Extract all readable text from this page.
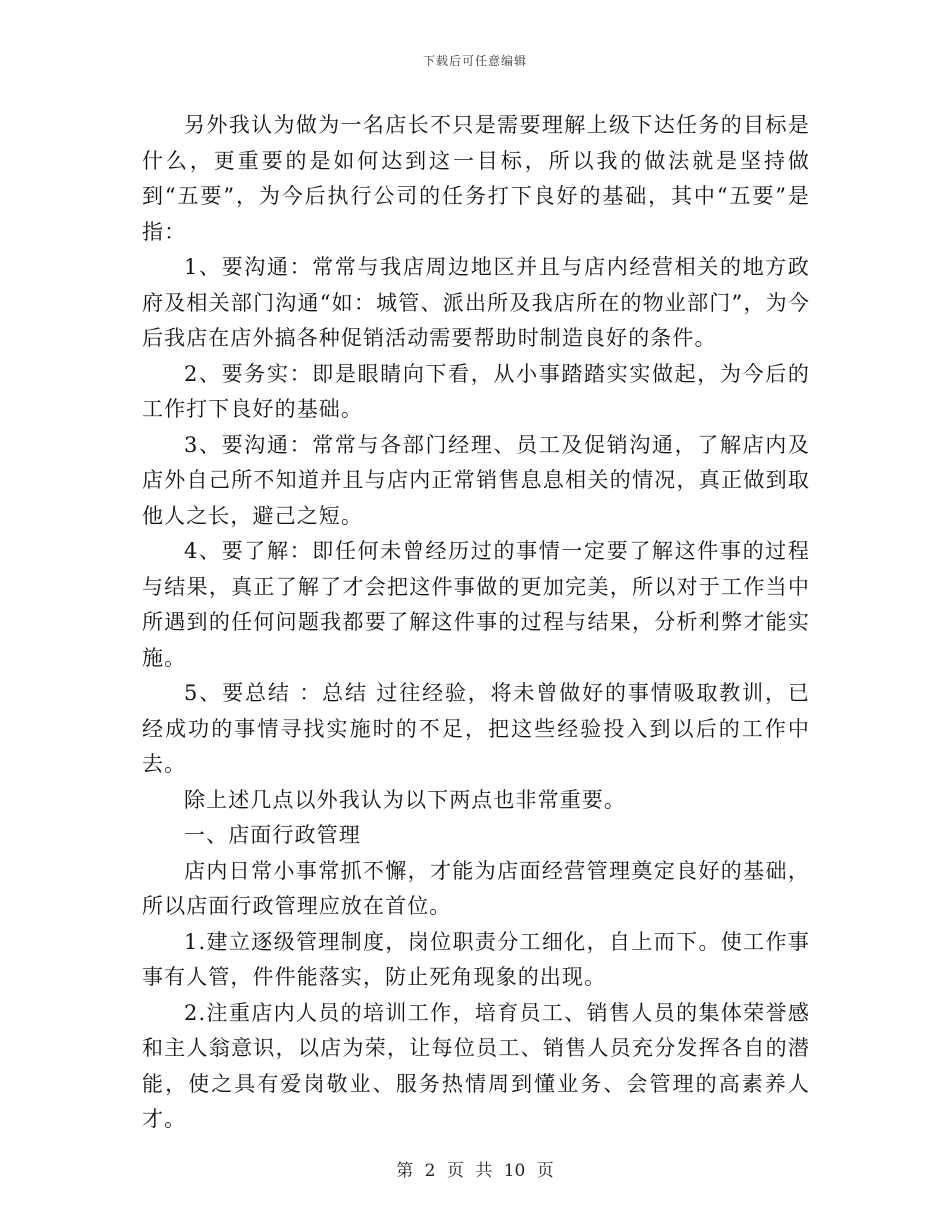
下载后可任意编辑

另外我认为做为一名店长不只是需要理解上级下达任务的目标是什么，更重要的是如何达到这一目标，所以我的做法就是坚持做到“五要”，为今后执行公司的任务打下良好的基础，其中“五要”是指：

1、要沟通：常常与我店周边地区并且与店内经营相关的地方政府及相关部门沟通“如：城管、派出所及我店所在的物业部门”，为今后我店在店外搞各种促销活动需要帮助时制造良好的条件。

2、要务实：即是眼睛向下看，从小事踏踏实实做起，为今后的工作打下良好的基础。

3、要沟通：常常与各部门经理、员工及促销沟通，了解店内及店外自己所不知道并且与店内正常销售息息相关的情况，真正做到取他人之长，避己之短。

4、要了解：即任何未曾经历过的事情一定要了解这件事的过程与结果，真正了解了才会把这件事做的更加完美，所以对于工作当中所遇到的任何问题我都要了解这件事的过程与结果，分析利弊才能实施。

5、要总结 ：总结 过往经验，将未曾做好的事情吸取教训，已经成功的事情寻找实施时的不足，把这些经验投入到以后的工作中去。

除上述几点以外我认为以下两点也非常重要。

一、店面行政管理

店内日常小事常抓不懈，才能为店面经营管理奠定良好的基础，所以店面行政管理应放在首位。

1.建立逐级管理制度，岗位职责分工细化，自上而下。使工作事事有人管，件件能落实，防止死角现象的出现。

2.注重店内人员的培训工作，培育员工、销售人员的集体荣誉感和主人翁意识，以店为荣，让每位员工、销售人员充分发挥各自的潜能，使之具有爱岗敬业、服务热情周到懂业务、会管理的高素养人才。

第 2 页 共 10 页
